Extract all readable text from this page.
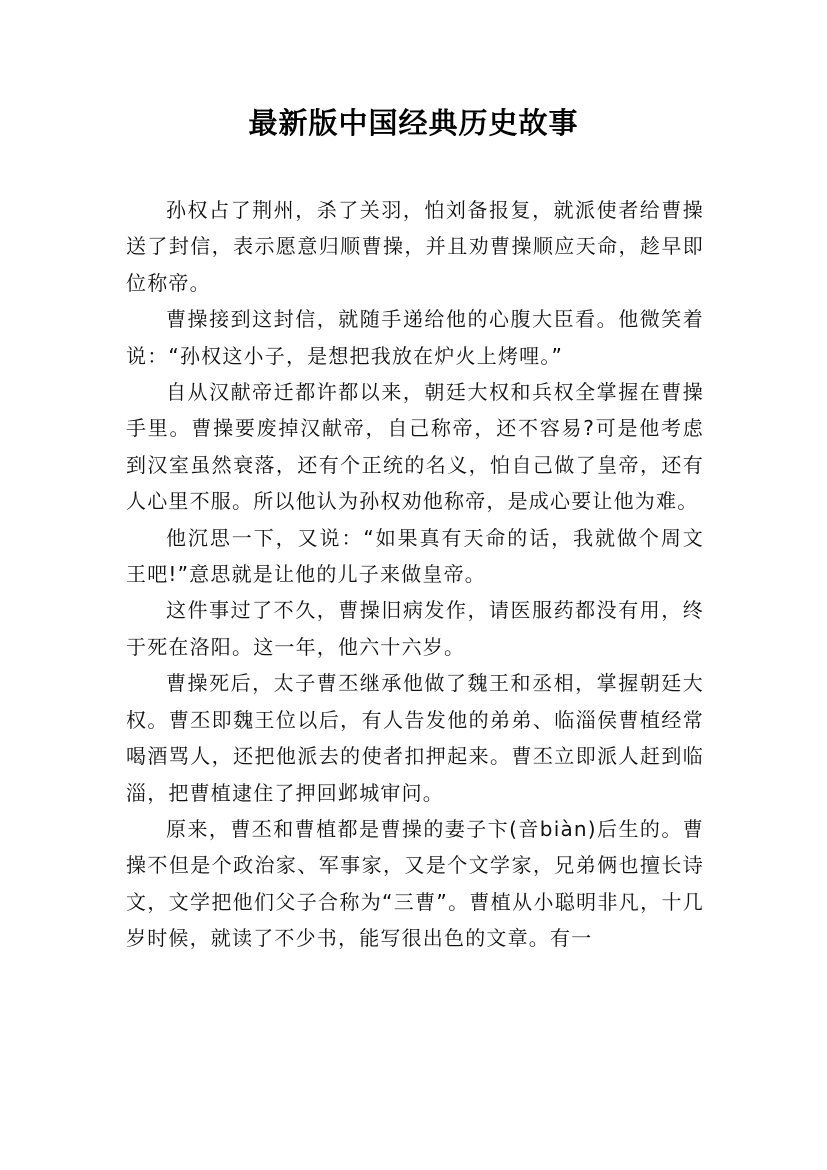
最新版中国经典历史故事

孙权占了荆州，杀了关羽，怕刘备报复，就派使者给曹操送了封信，表示愿意归顺曹操，并且劝曹操顺应天命，趁早即位称帝。

曹操接到这封信，就随手递给他的心腹大臣看。他微笑着说：“孙权这小子，是想把我放在炉火上烤哩。”

自从汉献帝迁都许都以来，朝廷大权和兵权全掌握在曹操手里。曹操要废掉汉献帝，自己称帝，还不容易?可是他考虑到汉室虽然衰落，还有个正统的名义，怕自己做了皇帝，还有人心里不服。所以他认为孙权劝他称帝，是成心要让他为难。

他沉思一下，又说：“如果真有天命的话，我就做个周文王吧!”意思就是让他的儿子来做皇帝。

这件事过了不久，曹操旧病发作，请医服药都没有用，终于死在洛阳。这一年，他六十六岁。

曹操死后，太子曹丕继承他做了魏王和丞相，掌握朝廷大权。曹丕即魏王位以后，有人告发他的弟弟、临淄侯曹植经常喝酒骂人，还把他派去的使者扣押起来。曹丕立即派人赶到临淄，把曹植逮住了押回邺城审问。

原来，曹丕和曹植都是曹操的妻子卞(音biàn)后生的。曹操不但是个政治家、军事家，又是个文学家，兄弟俩也擅长诗文，文学把他们父子合称为“三曹”。曹植从小聪明非凡，十几岁时候，就读了不少书，能写很出色的文章。有一
